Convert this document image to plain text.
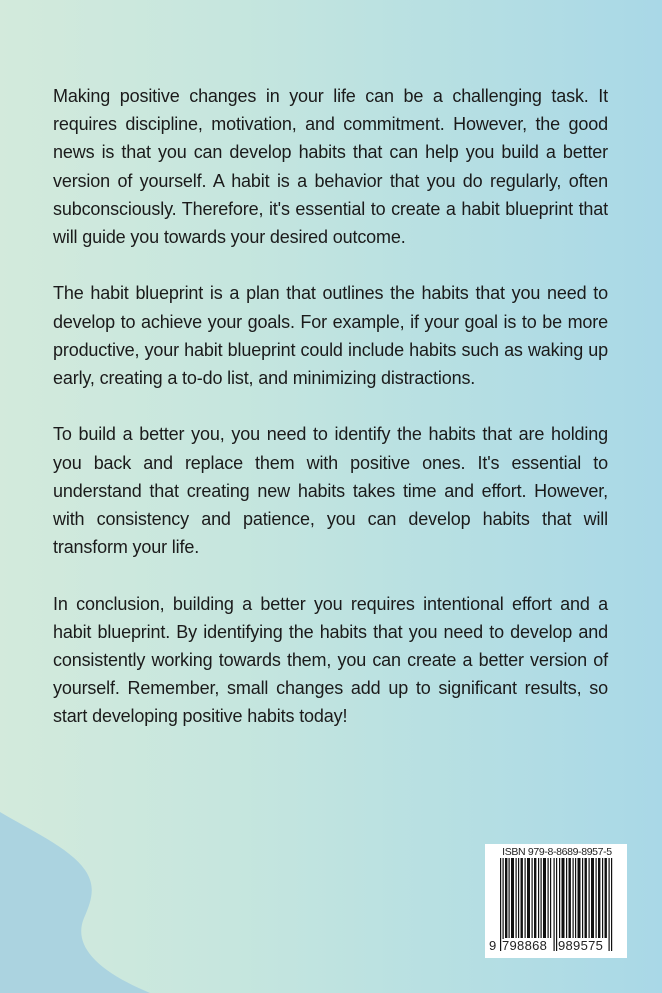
Making positive changes in your life can be a challenging task. It requires discipline, motivation, and commitment. However, the good news is that you can develop habits that can help you build a better version of yourself. A habit is a behavior that you do regularly, often subconsciously. Therefore, it's essential to create a habit blueprint that will guide you towards your desired outcome.

The habit blueprint is a plan that outlines the habits that you need to develop to achieve your goals. For example, if your goal is to be more productive, your habit blueprint could include habits such as waking up early, creating a to-do list, and minimizing distractions.

To build a better you, you need to identify the habits that are holding you back and replace them with positive ones. It's essential to understand that creating new habits takes time and effort. However, with consistency and patience, you can develop habits that will transform your life.

In conclusion, building a better you requires intentional effort and a habit blueprint. By identifying the habits that you need to develop and consistently working towards them, you can create a better version of yourself. Remember, small changes add up to significant results, so start developing positive habits today!

ISBN 979-8-8689-8957-5
9 798868 989575
